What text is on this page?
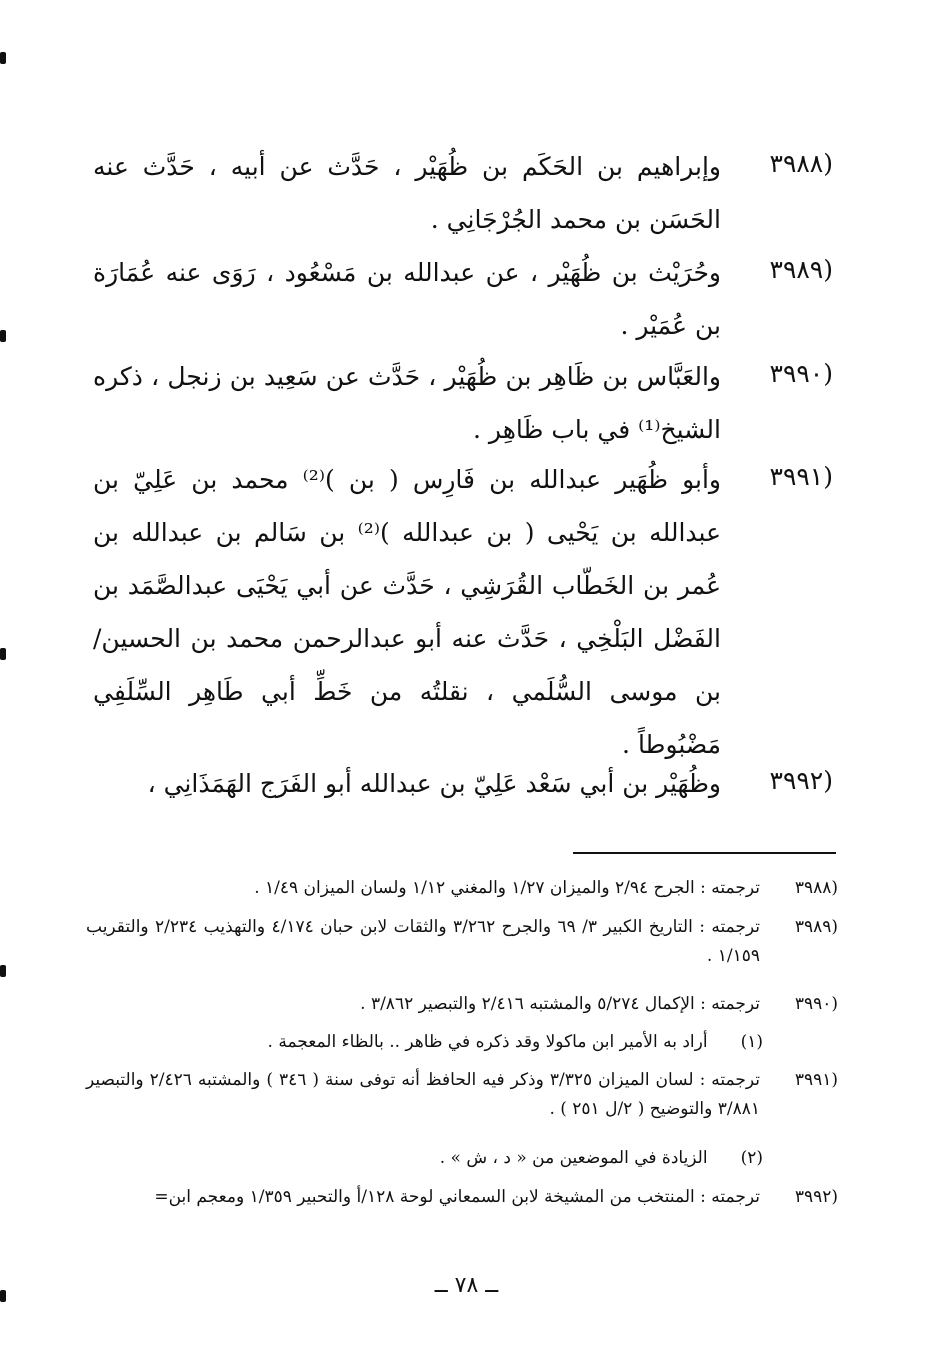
(٣٩٨٨
وإبراهيم بن الحَكَم بن ظُهَيْر ، حَدَّث عن أبيه ، حَدَّث عنه الحَسَن بن محمد الجُرْجَانِي .
(٣٩٨٩
وحُرَيْث بن ظُهَيْر ، عن عبدالله بن مَسْعُود ، رَوَى عنه عُمَارَة بن عُمَيْر .
(٣٩٩٠
والعَبَّاس بن ظَاهِر بن ظُهَيْر ، حَدَّث عن سَعِيد بن زنجل ، ذكره الشيخ⁽¹⁾ في باب ظَاهِر .
(٣٩٩١
وأبو ظُهَير عبدالله بن فَارِس ( بن )⁽²⁾ محمد بن عَلِيّ بن عبدالله بن يَحْيى ( بن عبدالله )⁽²⁾ بن سَالم بن عبدالله بن عُمر بن الخَطّاب القُرَشِي ، حَدَّث عن أبي يَحْيَى عبدالصَّمَد بن الفَضْل البَلْخِي ، حَدَّث عنه أبو عبدالرحمن محمد بن الحسين/ بن موسى السُّلَمي ، نقلتُه من خَطِّ أبي طَاهِر السِّلَفِي مَضْبُوطاً .
(٣٩٩٢
وظُهَيْر بن أبي سَعْد عَلِيّ بن عبدالله أبو الفَرَج الهَمَذَانِي ،
(٣٩٨٨
ترجمته : الجرح ٢/٩٤ والميزان ١/٢٧ والمغني ١/١٢ ولسان الميزان ١/٤٩ .
(٣٩٨٩
ترجمته : التاريخ الكبير ٣/ ٦٩ والجرح ٣/٢٦٢ والثقات لابن حبان ٤/١٧٤ والتهذيب ٢/٢٣٤ والتقريب ١/١٥٩ .
(٣٩٩٠
ترجمته : الإكمال ٥/٢٧٤ والمشتبه ٢/٤١٦ والتبصير ٣/٨٦٢ .
(١) أراد به الأمير ابن ماكولا وقد ذكره في ظاهر .. بالظاء المعجمة .
(٣٩٩١
ترجمته : لسان الميزان ٣/٣٢٥ وذكر فيه الحافظ أنه توفى سنة ( ٣٤٦ ) والمشتبه ٢/٤٢٦ والتبصير ٣/٨٨١ والتوضيح ( ٢/ل ٢٥١ ) .
(٢) الزيادة في الموضعين من « د ، ش » .
(٣٩٩٢
ترجمته : المنتخب من المشيخة لابن السمعاني لوحة ١٢٨/أ والتحبير ١/٣٥٩ ومعجم ابن=
ــ ٧٨ ــ
